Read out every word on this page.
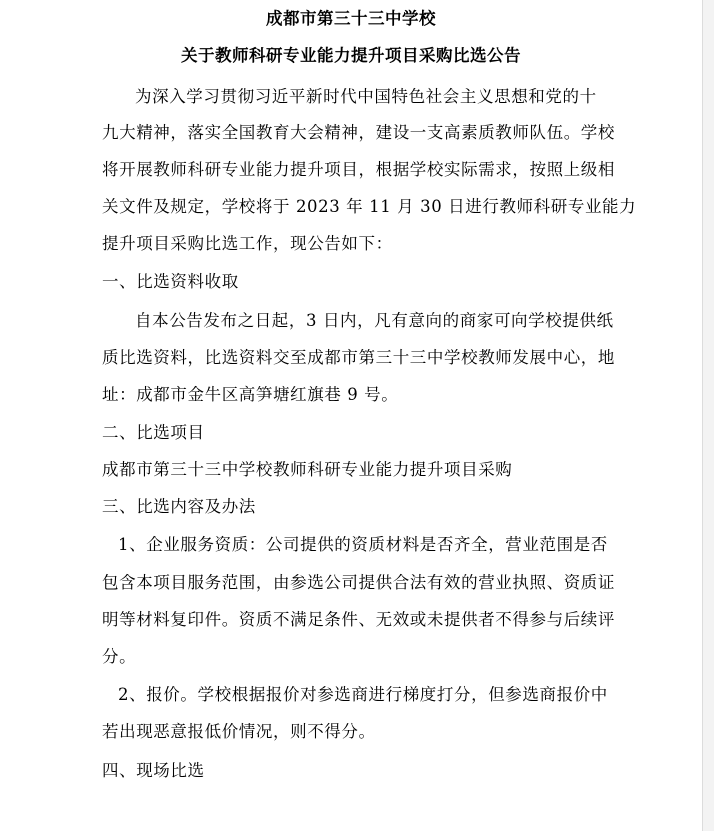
成都市第三十三中学校
关于教师科研专业能力提升项目采购比选公告
为深入学习贯彻习近平新时代中国特色社会主义思想和党的十
九大精神，落实全国教育大会精神，建设一支高素质教师队伍。学校
将开展教师科研专业能力提升项目，根据学校实际需求，按照上级相
关文件及规定，学校将于 2023 年 11 月 30 日进行教师科研专业能力
提升项目采购比选工作，现公告如下：
一、比选资料收取
自本公告发布之日起，3 日内，凡有意向的商家可向学校提供纸
质比选资料，比选资料交至成都市第三十三中学校教师发展中心，地
址：成都市金牛区高笋塘红旗巷 9 号。
二、比选项目
成都市第三十三中学校教师科研专业能力提升项目采购
三、比选内容及办法
1、企业服务资质：公司提供的资质材料是否齐全，营业范围是否
包含本项目服务范围，由参选公司提供合法有效的营业执照、资质证
明等材料复印件。资质不满足条件、无效或未提供者不得参与后续评
分。
2、报价。学校根据报价对参选商进行梯度打分，但参选商报价中
若出现恶意报低价情况，则不得分。
四、现场比选
